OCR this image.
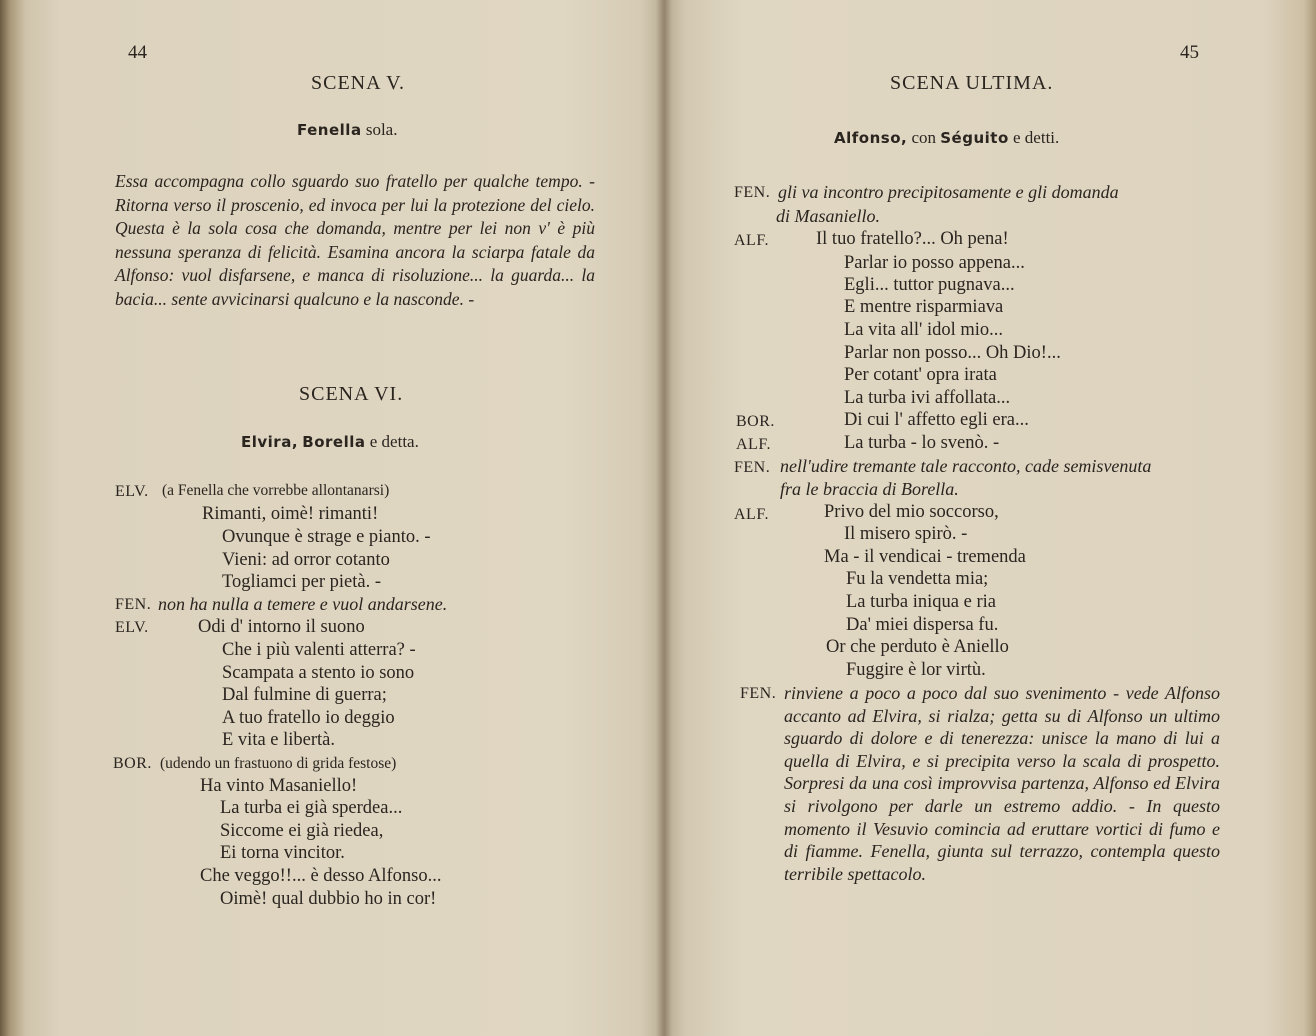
44
SCENA V.
Fenella sola.
Essa accompagna collo sguardo suo fratello per qualche tempo. - Ritorna verso il proscenio, ed invoca per lui la protezione del cielo. Questa è la sola cosa che domanda, mentre per lei non v' è più nessuna speranza di felicità. Esamina ancora la sciarpa fatale da Alfonso: vuol disfarsene, e manca di risoluzione... la guarda... la bacia... sente avvicinarsi qualcuno e la nasconde. -
SCENA VI.
Elvira, Borella e detta.
ELV. (a Fenella che vorrebbe allontanarsi)
Rimanti, oimè! rimanti!
Ovunque è strage e pianto. -
Vieni: ad orror cotanto
Togliamci per pietà. -
FEN. non ha nulla a temere e vuol andarsene.
ELV.	Odi d' intorno il suono
Che i più valenti atterra? -
Scampata a stento io sono
Dal fulmine di guerra;
A tuo fratello io deggio
E vita e libertà.
BOR. (udendo un frastuono di grida festose)
Ha vinto Masaniello!
La turba ei già sperdea...
Siccome ei già riedea,
Ei torna vincitor.
Che veggo!!... è desso Alfonso...
Oimè! qual dubbio ho in cor!
45
SCENA ULTIMA.
Alfonso, con Séguito e detti.
FEN. gli va incontro precipitosamente e gli domanda
di Masaniello.
ALF.	Il tuo fratello?... Oh pena!
Parlar io posso appena...
Egli... tuttor pugnava...
E mentre risparmiava
La vita all' idol mio...
Parlar non posso... Oh Dio!...
Per cotant' opra irata
La turba ivi affollata...
BOR.	Di cui l' affetto egli era...
ALF.	La turba - lo svenò. -
FEN. nell'udire tremante tale racconto, cade semisvenuta
fra le braccia di Borella.
ALF.	Privo del mio soccorso,
Il misero spirò. -
Ma - il vendicai - tremenda
Fu la vendetta mia;
La turba iniqua e ria
Da' miei dispersa fu.
Or che perduto è Aniello
Fuggire è lor virtù.
FEN. rinviene a poco a poco dal suo svenimento - vede Alfonso accanto ad Elvira, si rialza; getta su di Alfonso un ultimo sguardo di dolore e di tenerezza: unisce la mano di lui a quella di Elvira, e si precipita verso la scala di prospetto. Sorpresi da una così improvvisa partenza, Alfonso ed Elvira si rivolgono per darle un estremo addio. - In questo momento il Vesuvio comincia ad eruttare vortici di fumo e di fiamme. Fenella, giunta sul terrazzo, contempla questo terribile spettacolo.
